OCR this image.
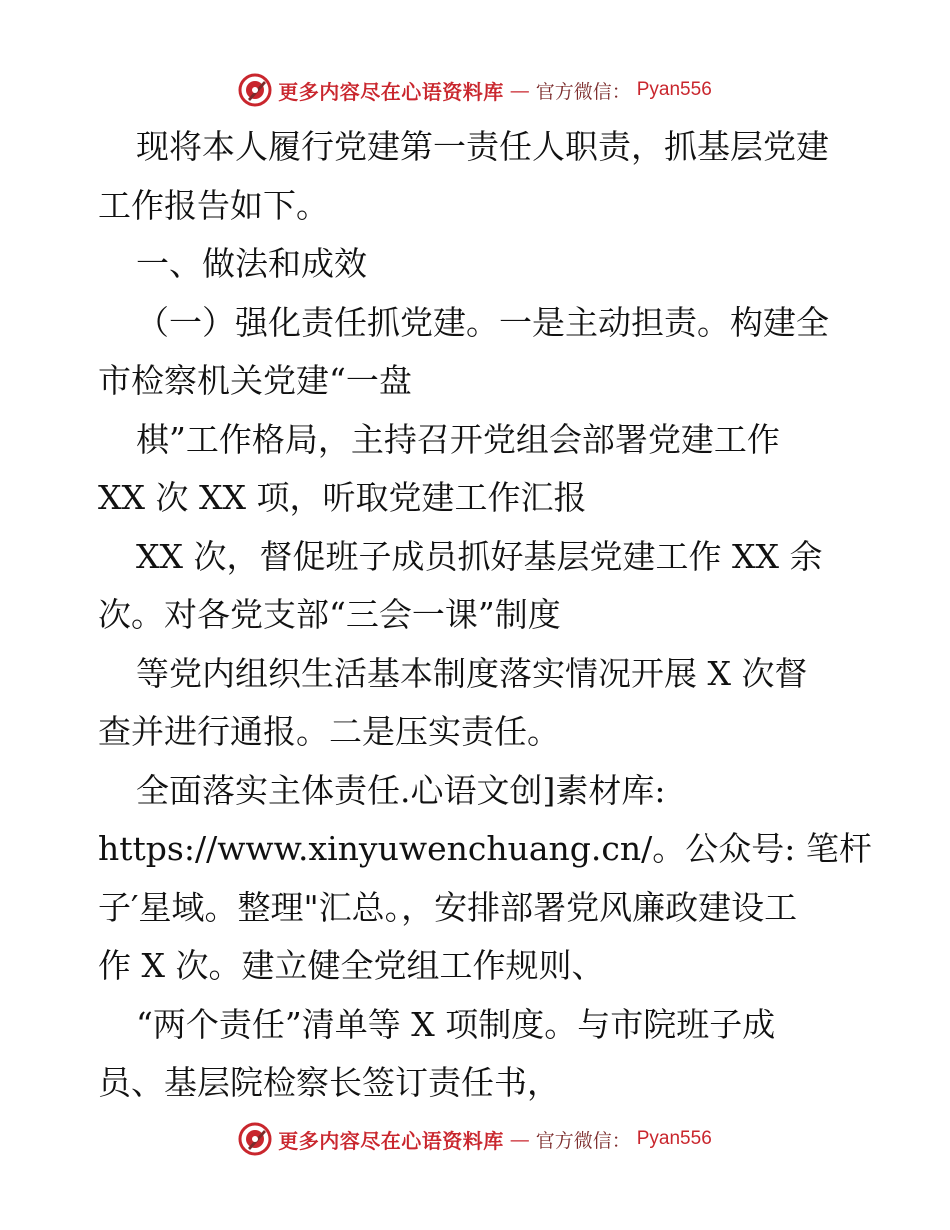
更多内容尽在心语资料库 — 官方微信： Pyan556
现将本人履行党建第一责任人职责，抓基层党建
工作报告如下。
一、做法和成效
（一）强化责任抓党建。一是主动担责。构建全
市检察机关党建“一盘
棋”工作格局，主持召开党组会部署党建工作
XX 次 XX 项，听取党建工作汇报
XX 次，督促班子成员抓好基层党建工作 XX 余
次。对各党支部“三会一课”制度
等党内组织生活基本制度落实情况开展 X 次督
查并进行通报。二是压实责任。
全面落实主体责任.心语文创]素材库:
https://www.xinyuwenchuang.cn/。公众号: 笔杆
子′星域。整理"汇总。，安排部署党风廉政建设工
作 X 次。建立健全党组工作规则、
“两个责任”清单等 X 项制度。与市院班子成
员、基层院检察长签订责任书，
更多内容尽在心语资料库 — 官方微信： Pyan556
